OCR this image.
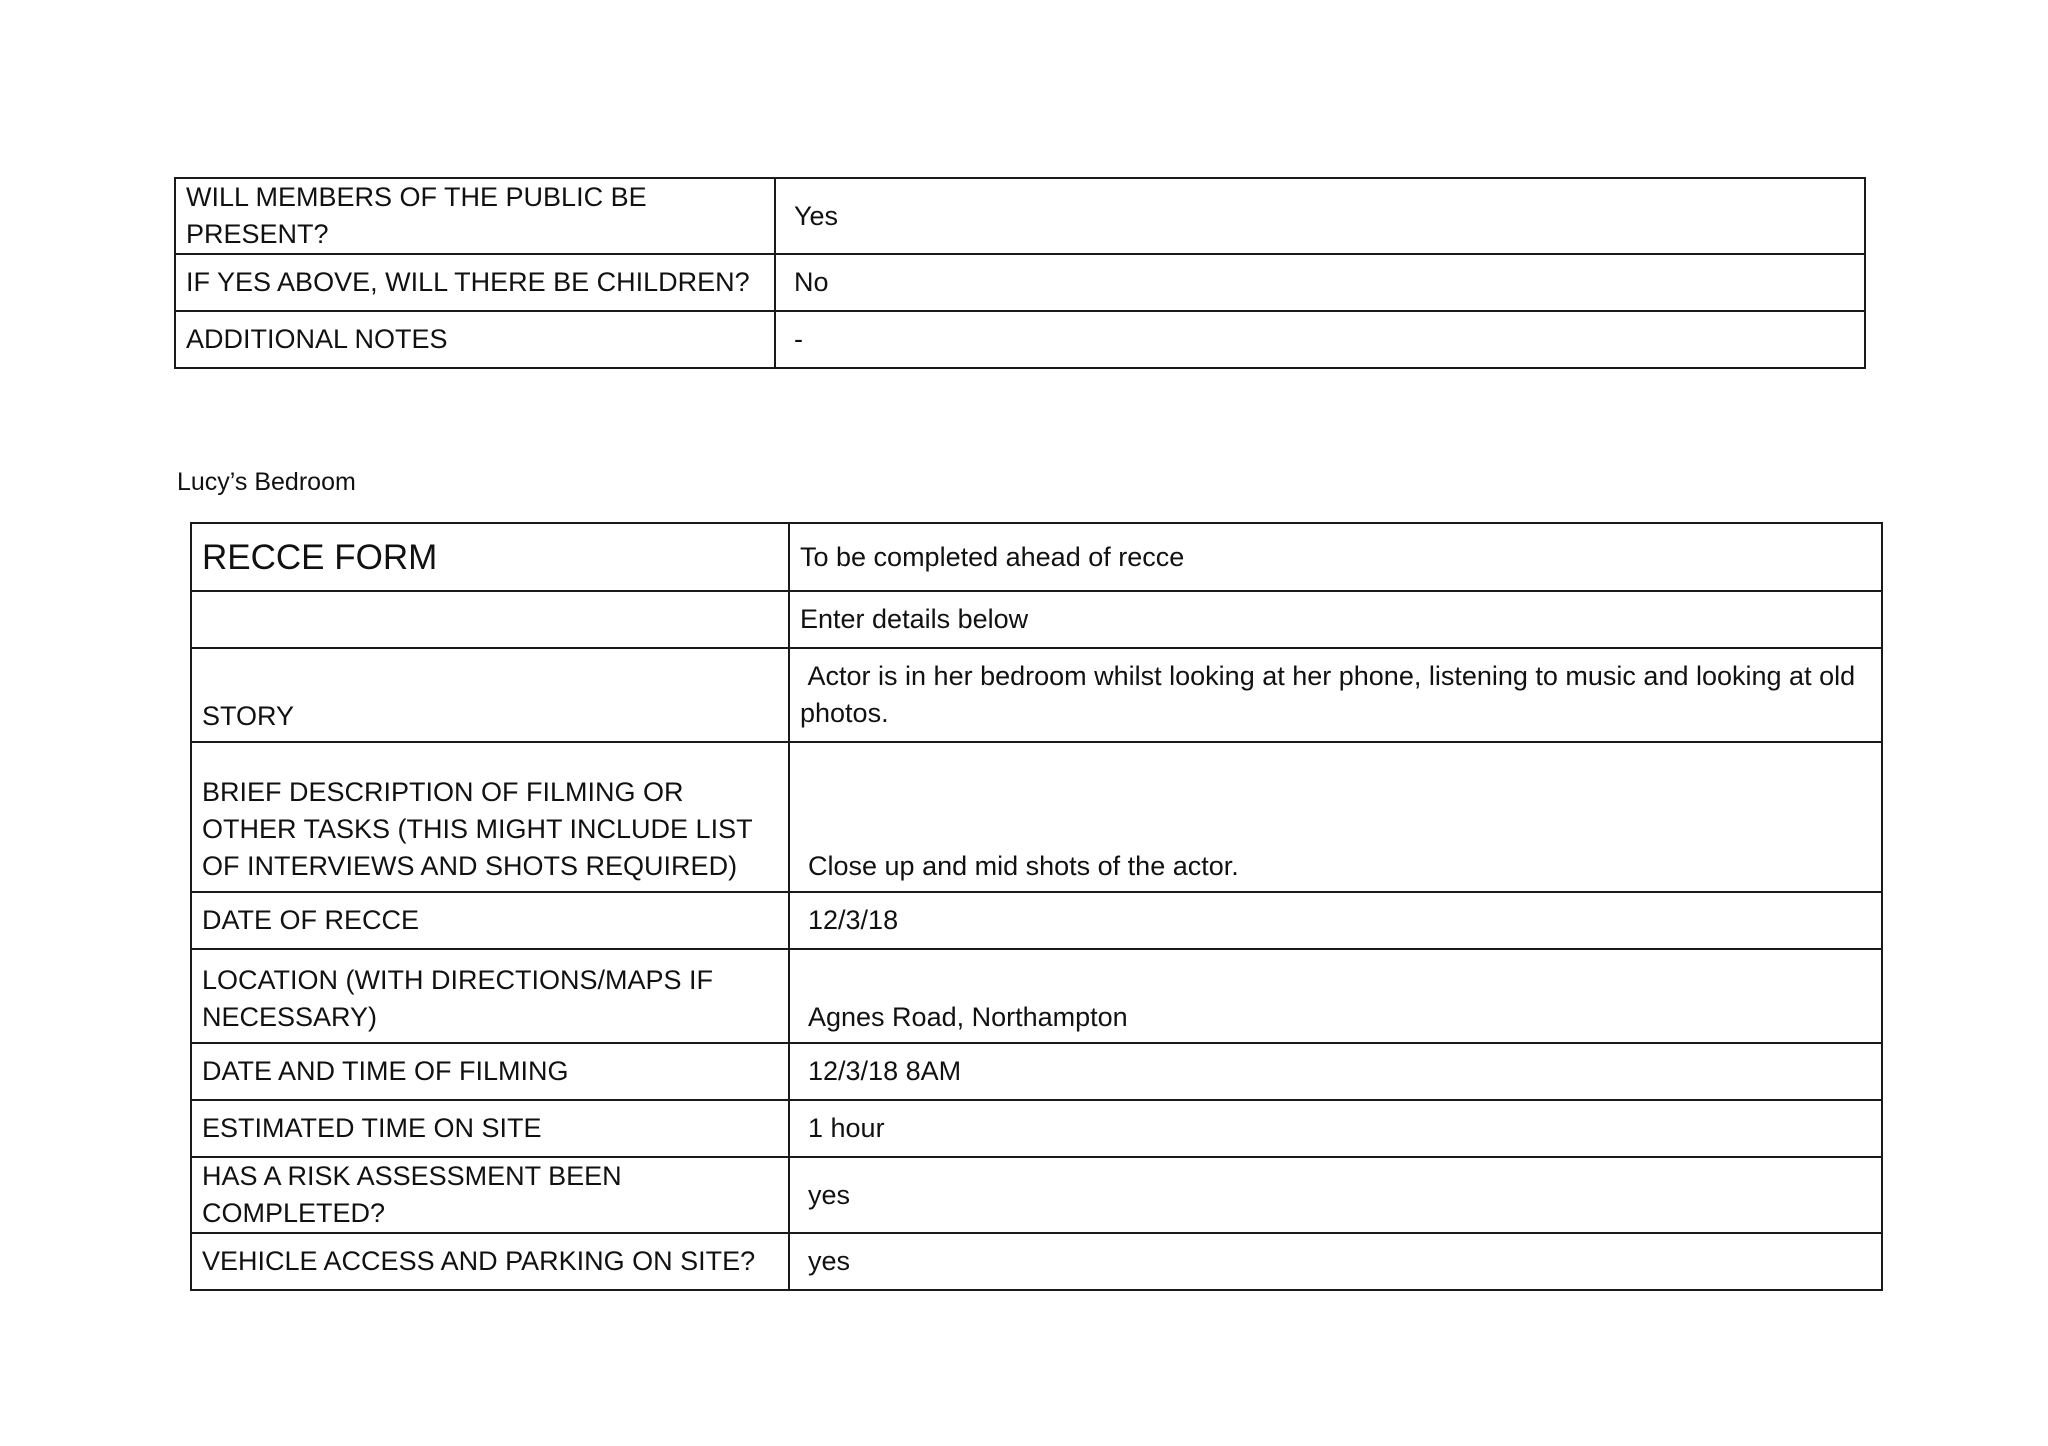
WILL MEMBERS OF THE PUBLIC BE PRESENT?	Yes
IF YES ABOVE, WILL THERE BE CHILDREN?	No
ADDITIONAL NOTES	-
Lucy’s Bedroom
RECCE FORM	To be completed ahead of recce
	Enter details below
STORY	Actor is in her bedroom whilst looking at her phone, listening to music and looking at old photos.
BRIEF DESCRIPTION OF FILMING OR OTHER TASKS (THIS MIGHT INCLUDE LIST OF INTERVIEWS AND SHOTS REQUIRED)	Close up and mid shots of the actor.
DATE OF RECCE	12/3/18
LOCATION (WITH DIRECTIONS/MAPS IF NECESSARY)	Agnes Road, Northampton
DATE AND TIME OF FILMING	12/3/18 8AM
ESTIMATED TIME ON SITE	1 hour
HAS A RISK ASSESSMENT BEEN COMPLETED?	yes
VEHICLE ACCESS AND PARKING ON SITE?	yes
